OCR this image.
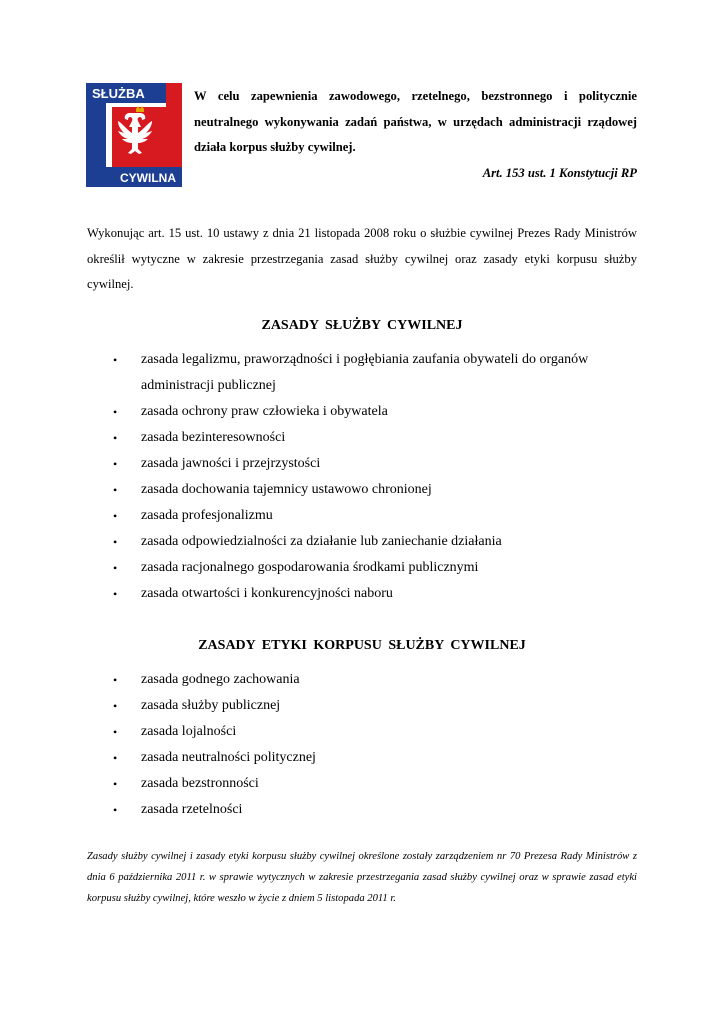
SŁUŻBA
CYWILNA
W celu zapewnienia zawodowego, rzetelnego, bezstronnego i politycznie neutralnego wykonywania zadań państwa, w urzędach administracji rządowej działa korpus służby cywilnej.
Art. 153 ust. 1 Konstytucji RP
Wykonując art. 15 ust. 10 ustawy z dnia 21 listopada 2008 roku o służbie cywilnej Prezes Rady Ministrów określił wytyczne w zakresie przestrzegania zasad służby cywilnej oraz zasady etyki korpusu służby cywilnej.
ZASADY SŁUŻBY CYWILNEJ
• zasada legalizmu, praworządności i pogłębiania zaufania obywateli do organów administracji publicznej
• zasada ochrony praw człowieka i obywatela
• zasada bezinteresowności
• zasada jawności i przejrzystości
• zasada dochowania tajemnicy ustawowo chronionej
• zasada profesjonalizmu
• zasada odpowiedzialności za działanie lub zaniechanie działania
• zasada racjonalnego gospodarowania środkami publicznymi
• zasada otwartości i konkurencyjności naboru
ZASADY ETYKI KORPUSU SŁUŻBY CYWILNEJ
• zasada godnego zachowania
• zasada służby publicznej
• zasada lojalności
• zasada neutralności politycznej
• zasada bezstronności
• zasada rzetelności
Zasady służby cywilnej i zasady etyki korpusu służby cywilnej określone zostały zarządzeniem nr 70 Prezesa Rady Ministrów z dnia 6 października 2011 r. w sprawie wytycznych w zakresie przestrzegania zasad służby cywilnej oraz w sprawie zasad etyki korpusu służby cywilnej, które weszło w życie z dniem 5 listopada 2011 r.
